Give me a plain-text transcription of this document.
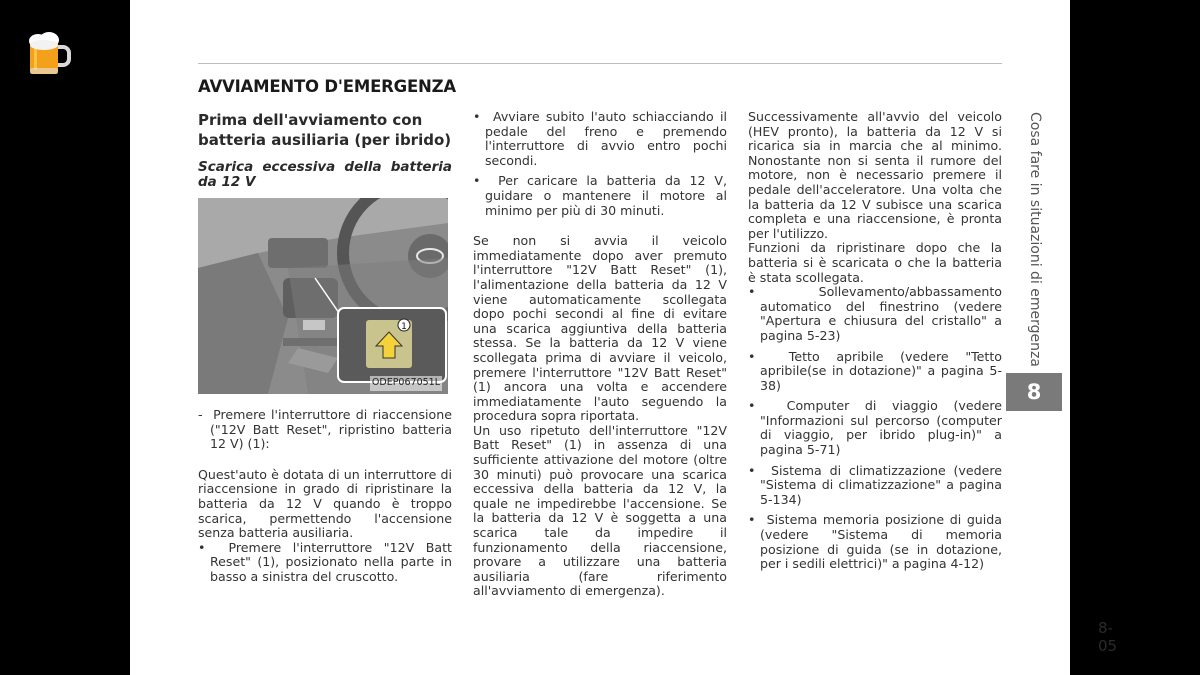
AVVIAMENTO D'EMERGENZA
Prima dell'avviamento con batteria ausiliaria (per ibrido)
Scarica eccessiva della batteria da 12 V
1
ODEP067051L

-  Premere l'interruttore di riaccensione ("12V Batt Reset", ripristino batteria 12 V) (1):

Quest'auto è dotata di un interruttore di riaccensione in grado di ripristinare la batteria da 12 V quando è troppo scarica, permettendo l'accensione senza batteria ausiliaria.

•  Premere l'interruttore "12V Batt Reset" (1), posizionato nella parte in basso a sinistra del cruscotto.

•  Avviare subito l'auto schiacciando il pedale del freno e premendo l'interruttore di avvio entro pochi secondi.

•  Per caricare la batteria da 12 V, guidare o mantenere il motore al minimo per più di 30 minuti.

Se non si avvia il veicolo immediatamente dopo aver premuto l'interruttore "12V Batt Reset" (1), l'alimentazione della batteria da 12 V viene automaticamente scollegata dopo pochi secondi al fine di evitare una scarica aggiuntiva della batteria stessa. Se la batteria da 12 V viene scollegata prima di avviare il veicolo, premere l'interruttore "12V Batt Reset" (1) ancora una volta e accendere immediatamente l'auto seguendo la procedura sopra riportata.

Un uso ripetuto dell'interruttore "12V Batt Reset" (1) in assenza di una sufficiente attivazione del motore (oltre 30 minuti) può provocare una scarica eccessiva della batteria da 12 V, la quale ne impedirebbe l'accensione. Se la batteria da 12 V è soggetta a una scarica tale da impedire il funzionamento della riaccensione, provare a utilizzare una batteria ausiliaria (fare riferimento all'avviamento di emergenza).

Successivamente all'avvio del veicolo (HEV pronto), la batteria da 12 V si ricarica sia in marcia che al minimo. Nonostante non si senta il rumore del motore, non è necessario premere il pedale dell'acceleratore. Una volta che la batteria da 12 V subisce una scarica completa e una riaccensione, è pronta per l'utilizzo.

Funzioni da ripristinare dopo che la batteria si è scaricata o che la batteria è stata scollegata.

•  Sollevamento/abbassamento automatico del finestrino (vedere "Apertura e chiusura del cristallo" a pagina 5-23)

•  Tetto apribile (vedere "Tetto apribile(se in dotazione)" a pagina 5-38)

•  Computer di viaggio (vedere "Informazioni sul percorso (computer di viaggio, per ibrido plug-in)" a pagina 5-71)

•  Sistema di climatizzazione (vedere "Sistema di climatizzazione" a pagina 5-134)

•  Sistema memoria posizione di guida (vedere "Sistema di memoria posizione di guida (se in dotazione, per i sedili elettrici)" a pagina 4-12)

8-05
Cosa fare in situazioni di emergenza
8
